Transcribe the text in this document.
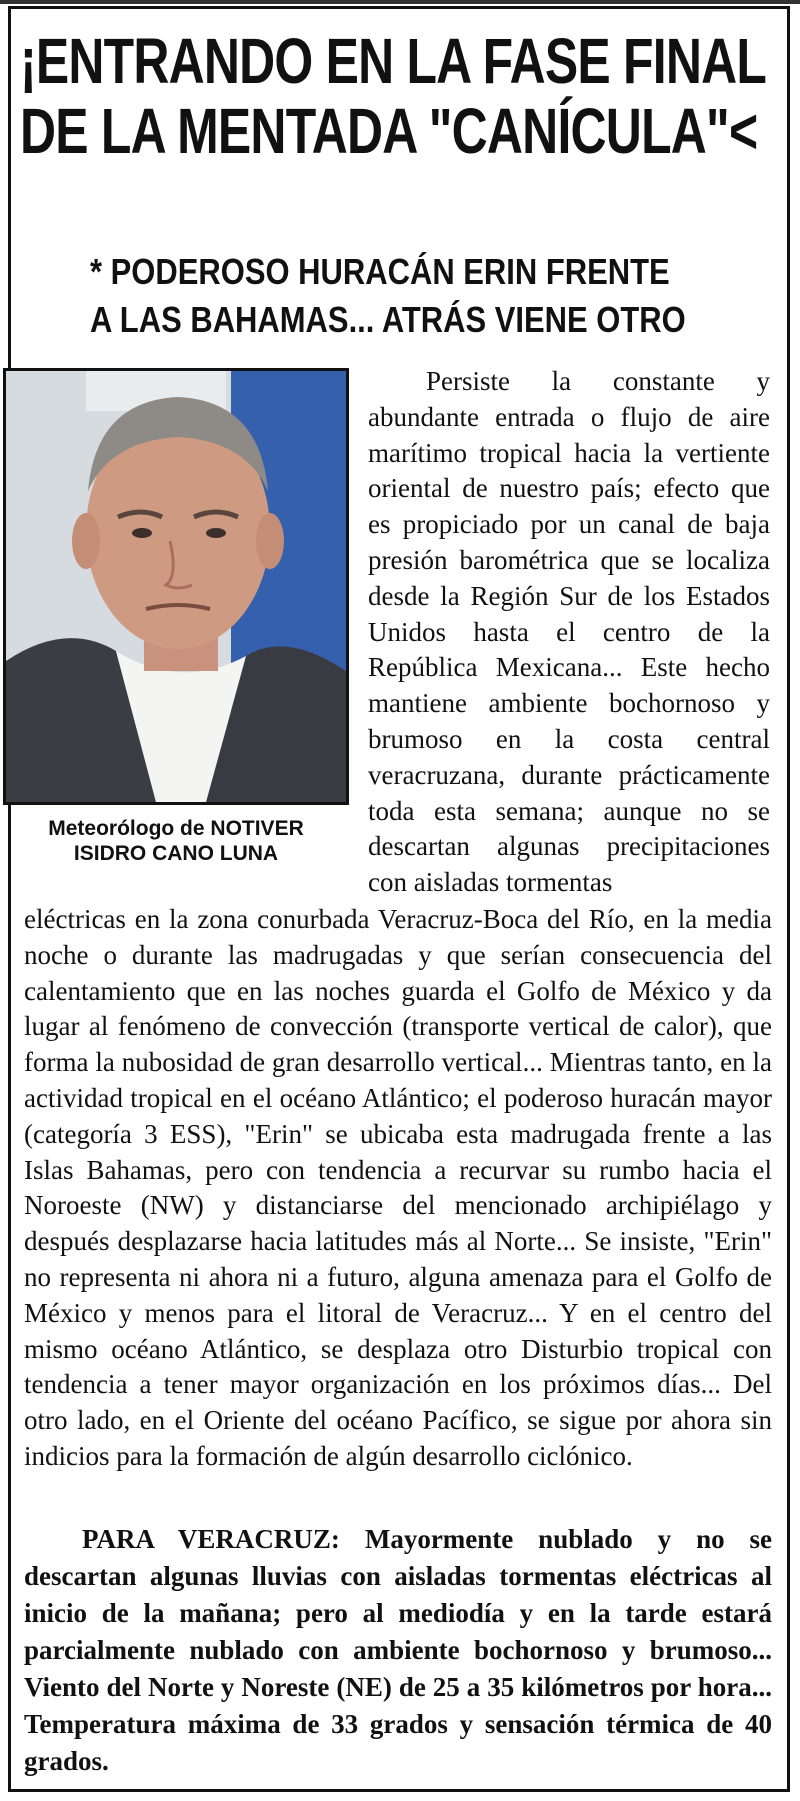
¡ENTRANDO EN LA FASE FINAL
DE LA MENTADA "CANÍCULA"<
* PODEROSO HURACÁN ERIN FRENTE
A LAS BAHAMAS... ATRÁS VIENE OTRO
Meteorólogo de NOTIVER
ISIDRO CANO LUNA

Persiste la constante y abundante entrada o flujo de aire marítimo tropical hacia la vertiente oriental de nuestro país; efecto que es propiciado por un canal de baja presión barométrica que se localiza desde la Región Sur de los Estados Unidos hasta el centro de la República Mexicana... Este hecho mantiene ambiente bochornoso y brumoso en la costa central veracruzana, durante prácticamente toda esta semana; aunque no se descartan algunas precipitaciones con aisladas tormentas

eléctricas en la zona conurbada Veracruz-Boca del Río, en la media noche o durante las madrugadas y que serían consecuencia del calentamiento que en las noches guarda el Golfo de México y da lugar al fenómeno de convección (transporte vertical de calor), que forma la nubosidad de gran desarrollo vertical... Mientras tanto, en la actividad tropical en el océano Atlántico; el poderoso huracán mayor (categoría 3 ESS), "Erin" se ubicaba esta madrugada frente a las Islas Bahamas, pero con tendencia a recurvar su rumbo hacia el Noroeste (NW) y distanciarse del mencionado archipiélago y después desplazarse hacia latitudes más al Norte... Se insiste, "Erin" no representa ni ahora ni a futuro, alguna amenaza para el Golfo de México y menos para el litoral de Veracruz... Y en el centro del mismo océano Atlántico, se desplaza otro Disturbio tropical con tendencia a tener mayor organización en los próximos días... Del otro lado, en el Oriente del océano Pacífico, se sigue por ahora sin indicios para la formación de algún desarrollo ciclónico.

PARA VERACRUZ: Mayormente nublado y no se descartan algunas lluvias con aisladas tormentas eléctricas al inicio de la mañana; pero al mediodía y en la tarde estará parcialmente nublado con ambiente bochornoso y brumoso... Viento del Norte y Noreste (NE) de 25 a 35 kilómetros por hora... Temperatura máxima de 33 grados y sensación térmica de 40 grados.
